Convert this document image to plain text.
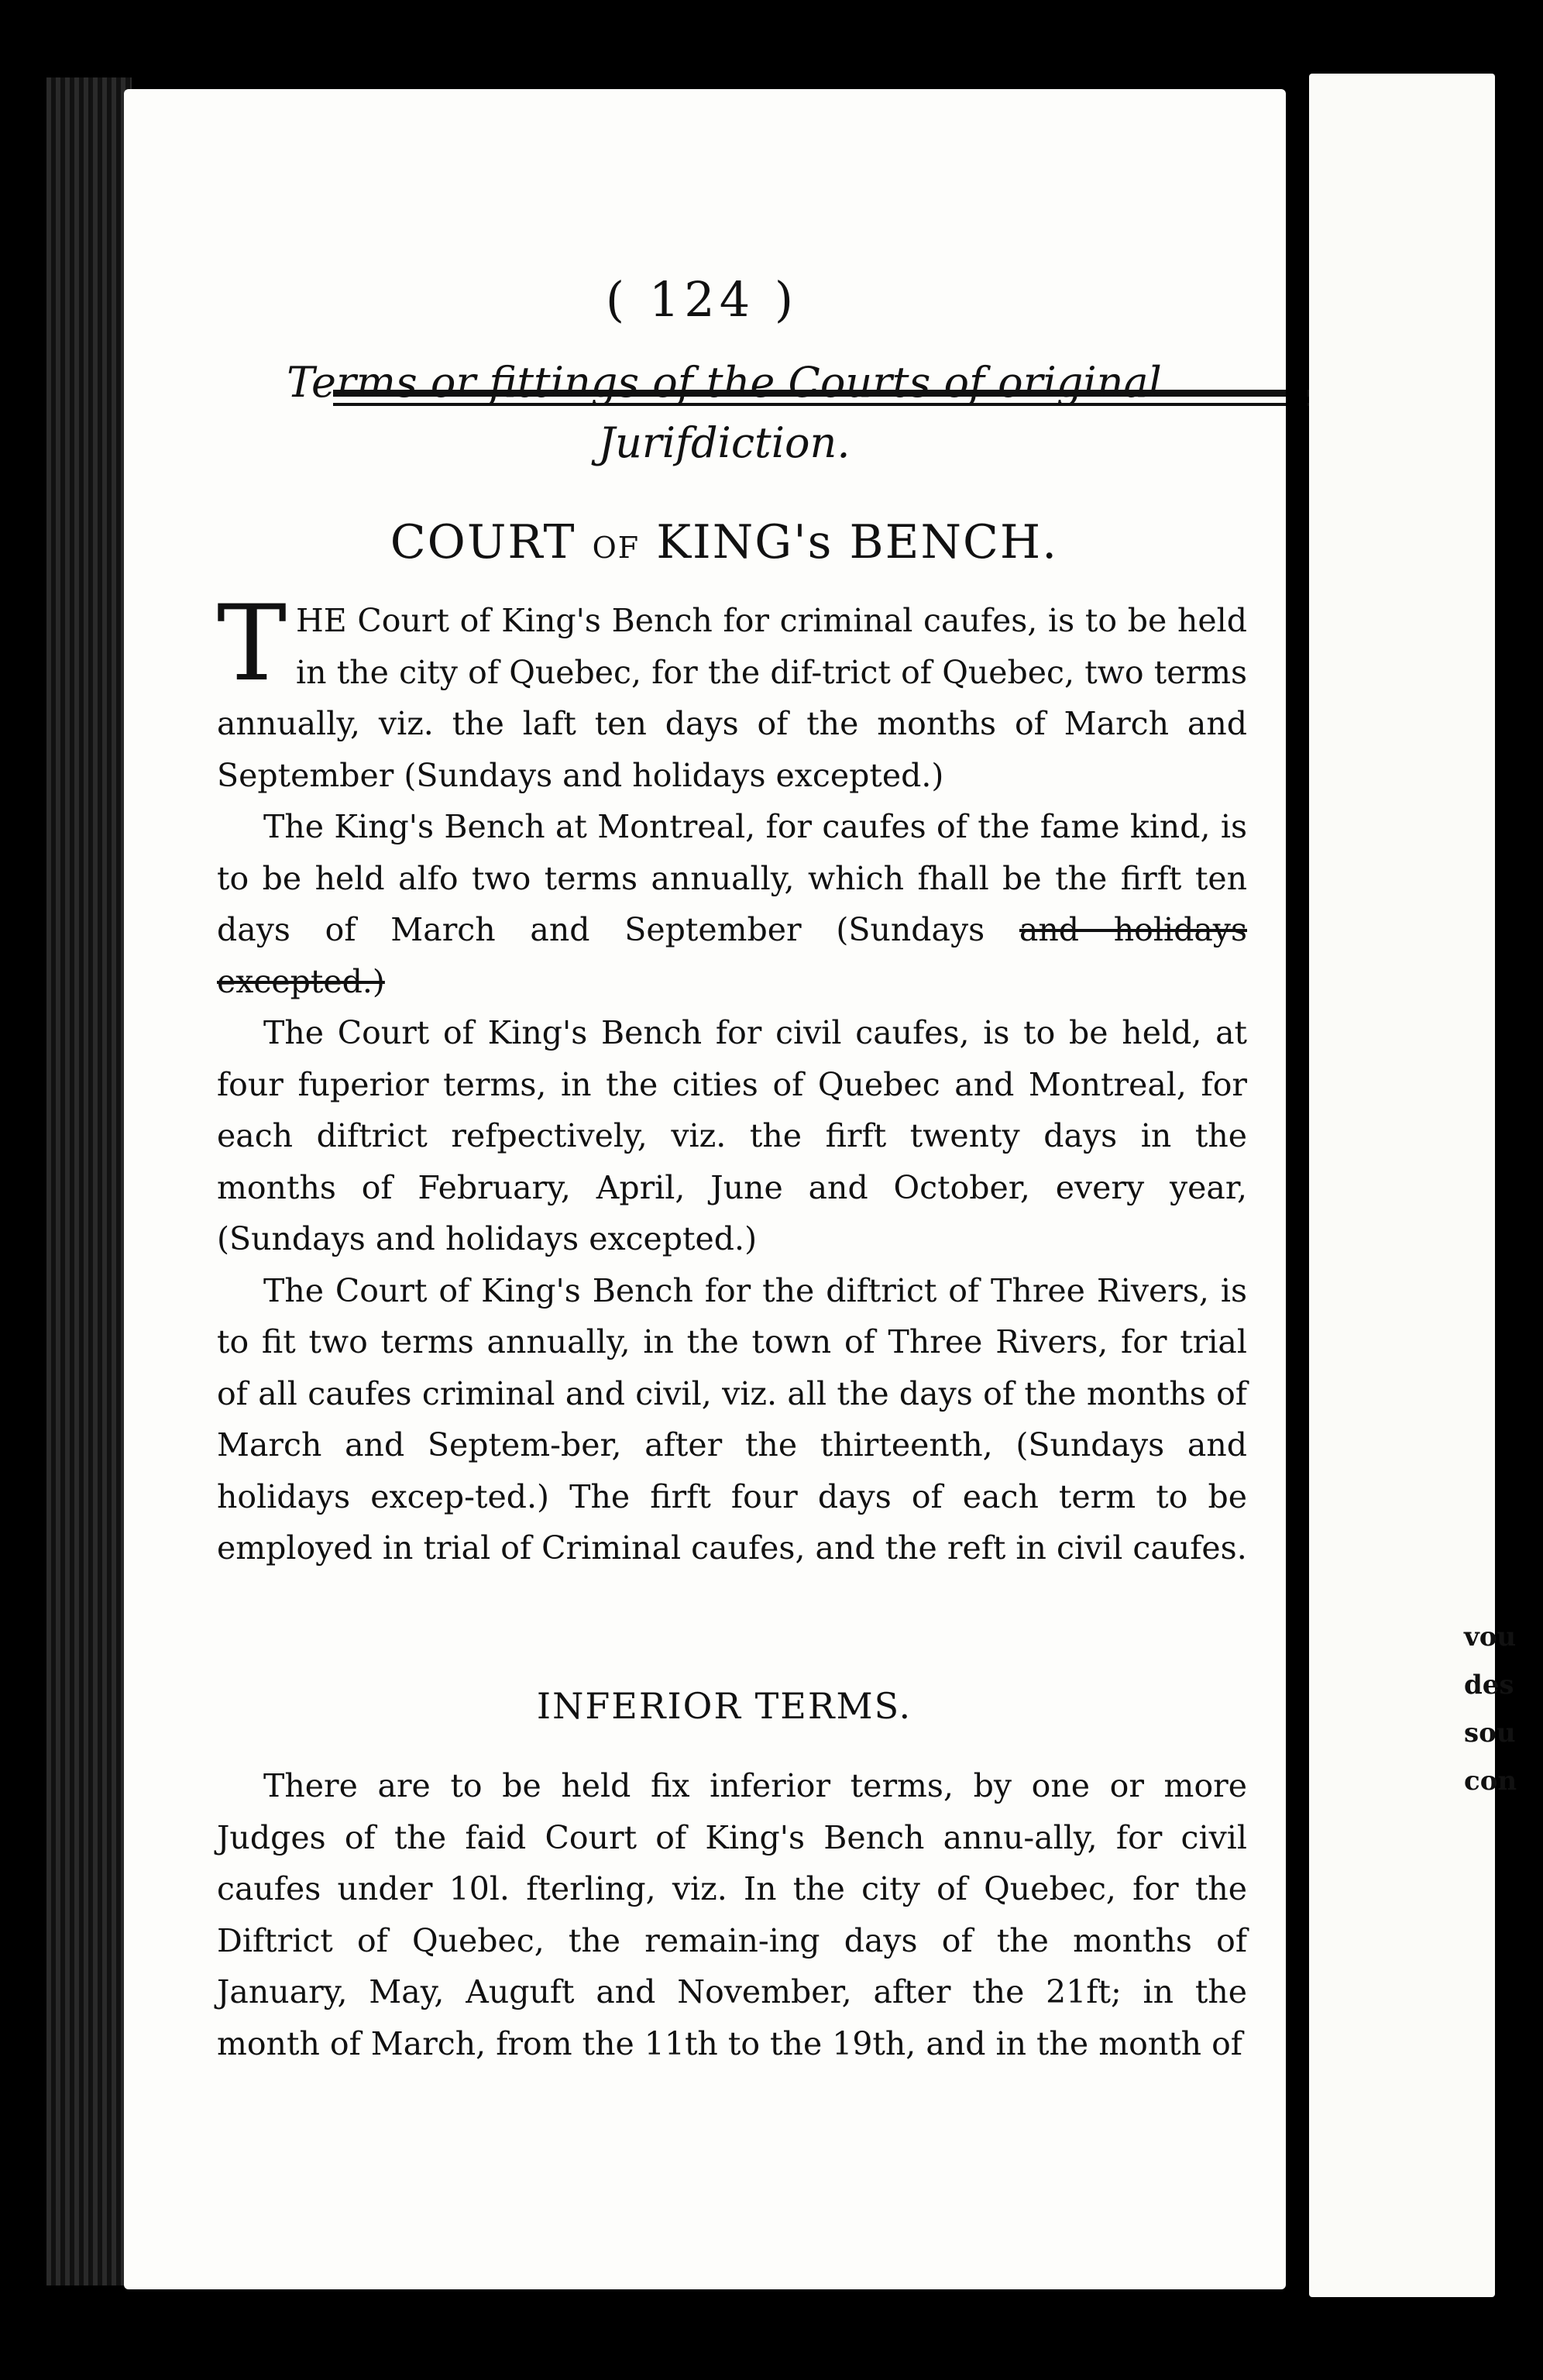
( 124 )
Terms or fittings of the Courts of original Jurifdiction.
COURT OF KING's BENCH.

THE Court of King's Bench for criminal caufes, is to be held in the city of Quebec, for the dif-trict of Quebec, two terms annually, viz. the laft ten days of the months of March and September (Sundays and holidays excepted.)

The King's Bench at Montreal, for caufes of the fame kind, is to be held alfo two terms annually, which fhall be the firft ten days of March and September (Sundays and holidays excepted.)

The Court of King's Bench for civil caufes, is to be held, at four fuperior terms, in the cities of Quebec and Montreal, for each diftrict refpectively, viz. the firft twenty days in the months of February, April, June and October, every year, (Sundays and holidays excepted.)

The Court of King's Bench for the diftrict of Three Rivers, is to fit two terms annually, in the town of Three Rivers, for trial of all caufes criminal and civil, viz. all the days of the months of March and Septem-ber, after the thirteenth, (Sundays and holidays excep-ted.) The firft four days of each term to be employed in trial of Criminal caufes, and the reft in civil caufes.

INFERIOR TERMS.

There are to be held fix inferior terms, by one or more Judges of the faid Court of King's Bench annu-ally, for civil caufes under 10l. fterling, viz. In the city of Quebec, for the Diftrict of Quebec, the remain-ing days of the months of January, May, Auguft and November, after the 21ft; in the month of March, from the 11th to the 19th, and in the month of

vou
des
sou
con
